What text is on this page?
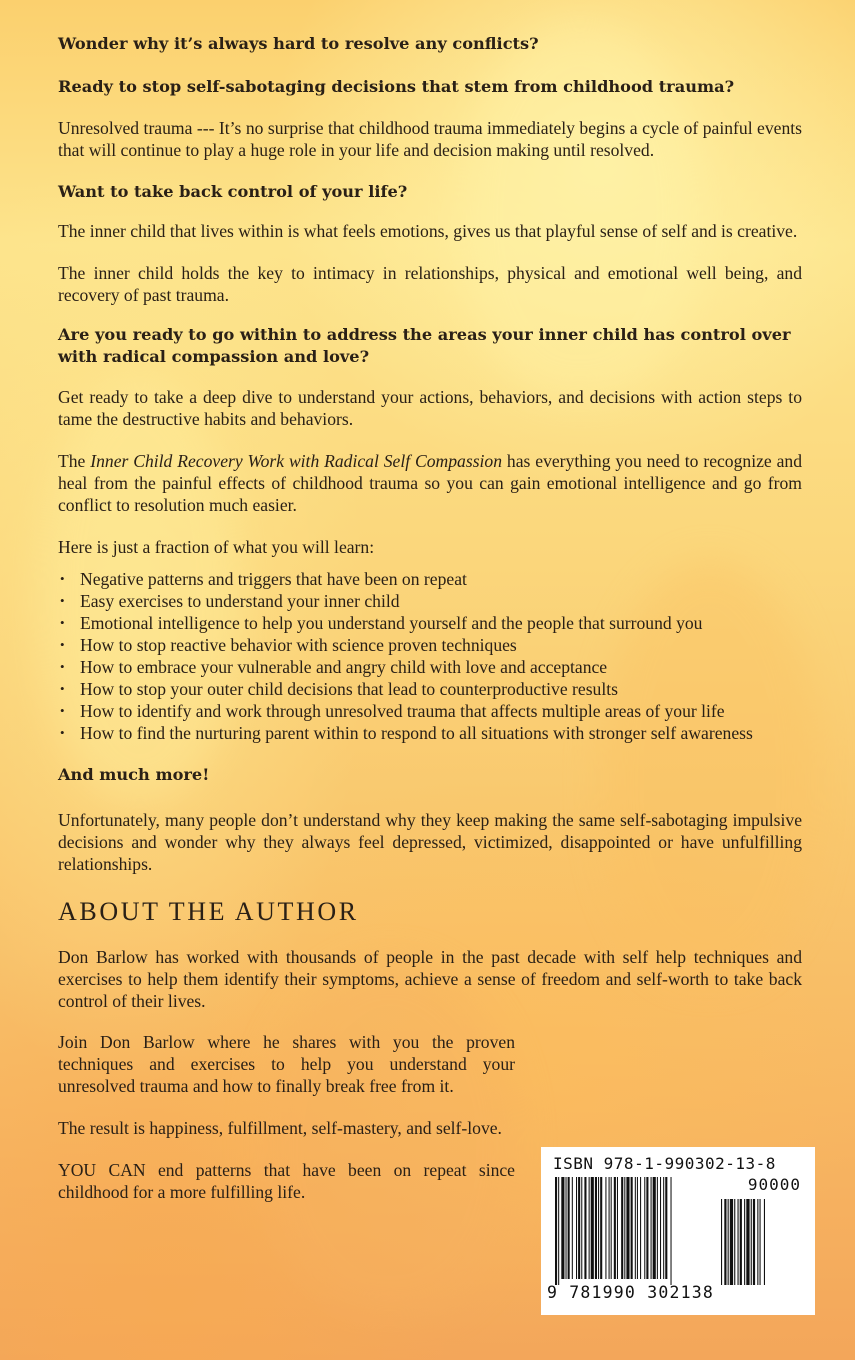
Wonder why it’s always hard to resolve any conflicts?
Ready to stop self-sabotaging decisions that stem from childhood trauma?

Unresolved trauma --- It’s no surprise that childhood trauma immediately begins a cycle of painful events that will continue to play a huge role in your life and decision making until resolved.

Want to take back control of your life?

The inner child that lives within is what feels emotions, gives us that playful sense of self and is creative.

The inner child holds the key to intimacy in relationships, physical and emotional well being, and recovery of past trauma.

Are you ready to go within to address the areas your inner child has control over with radical compassion and love?

Get ready to take a deep dive to understand your actions, behaviors, and decisions with action steps to tame the destructive habits and behaviors.

The Inner Child Recovery Work with Radical Self Compassion has everything you need to recognize and heal from the painful effects of childhood trauma so you can gain emotional intelligence and go from conflict to resolution much easier.

Here is just a fraction of what you will learn:

• Negative patterns and triggers that have been on repeat
• Easy exercises to understand your inner child
• Emotional intelligence to help you understand yourself and the people that surround you
• How to stop reactive behavior with science proven techniques
• How to embrace your vulnerable and angry child with love and acceptance
• How to stop your outer child decisions that lead to counterproductive results
• How to identify and work through unresolved trauma that affects multiple areas of your life
• How to find the nurturing parent within to respond to all situations with stronger self awareness
And much more!

Unfortunately, many people don’t understand why they keep making the same self-sabotaging impulsive decisions and wonder why they always feel depressed, victimized, disappointed or have unfulfilling relationships.

ABOUT THE AUTHOR

Don Barlow has worked with thousands of people in the past decade with self help techniques and exercises to help them identify their symptoms, achieve a sense of freedom and self-worth to take back control of their lives.

Join Don Barlow where he shares with you the proven techniques and exercises to help you understand your unresolved trauma and how to finally break free from it.

The result is happiness, fulfillment, self-mastery, and self-love.

YOU CAN end patterns that have been on repeat since childhood for a more fulfilling life.

ISBN 978-1-990302-13-8
90000
9 781990 302138
